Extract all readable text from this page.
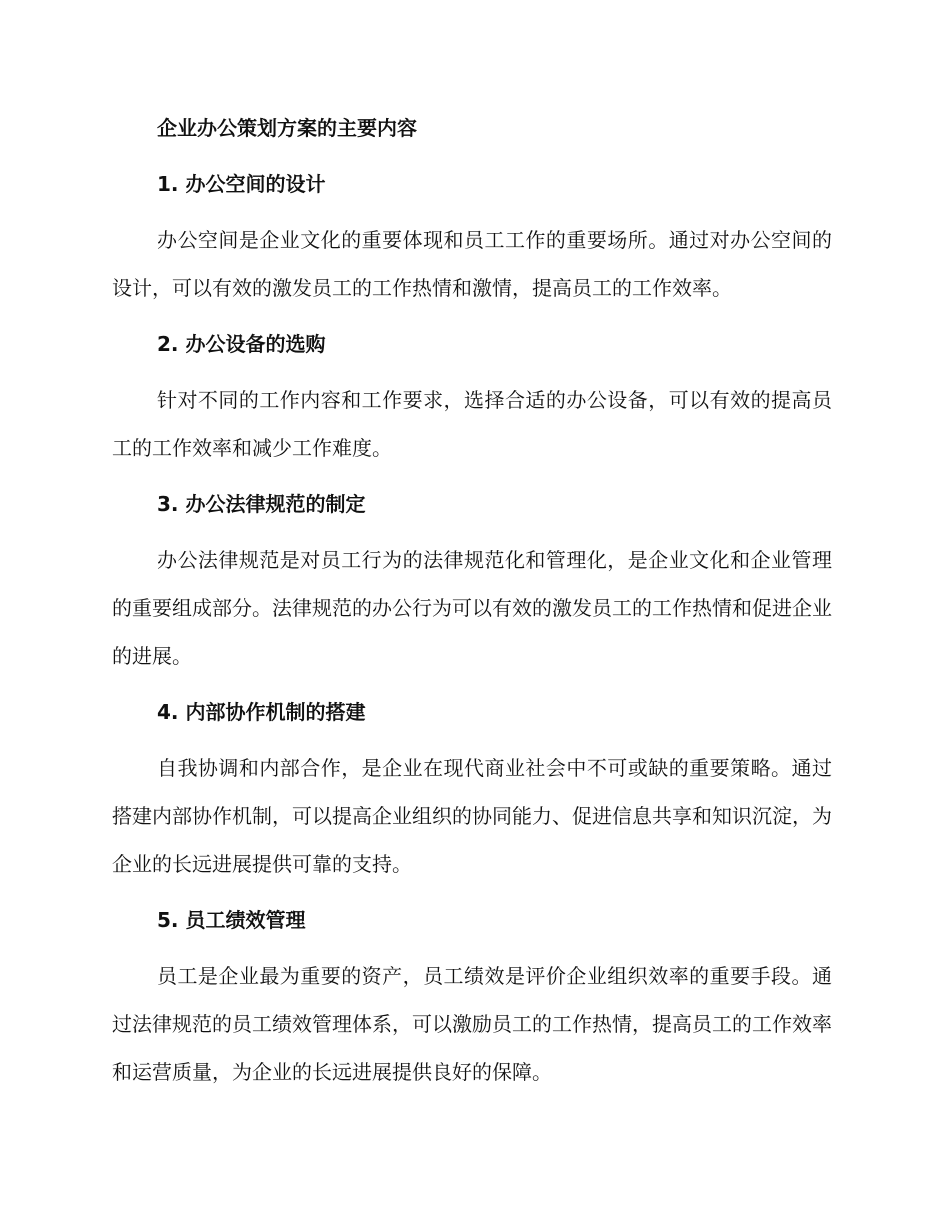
企业办公策划方案的主要内容
1. 办公空间的设计

办公空间是企业文化的重要体现和员工工作的重要场所。通过对办公空间的设计，可以有效的激发员工的工作热情和激情，提高员工的工作效率。

2. 办公设备的选购

针对不同的工作内容和工作要求，选择合适的办公设备，可以有效的提高员工的工作效率和减少工作难度。

3. 办公法律规范的制定

办公法律规范是对员工行为的法律规范化和管理化，是企业文化和企业管理的重要组成部分。法律规范的办公行为可以有效的激发员工的工作热情和促进企业的进展。

4. 内部协作机制的搭建

自我协调和内部合作，是企业在现代商业社会中不可或缺的重要策略。通过搭建内部协作机制，可以提高企业组织的协同能力、促进信息共享和知识沉淀，为企业的长远进展提供可靠的支持。

5. 员工绩效管理

员工是企业最为重要的资产，员工绩效是评价企业组织效率的重要手段。通过法律规范的员工绩效管理体系，可以激励员工的工作热情，提高员工的工作效率和运营质量，为企业的长远进展提供良好的保障。
